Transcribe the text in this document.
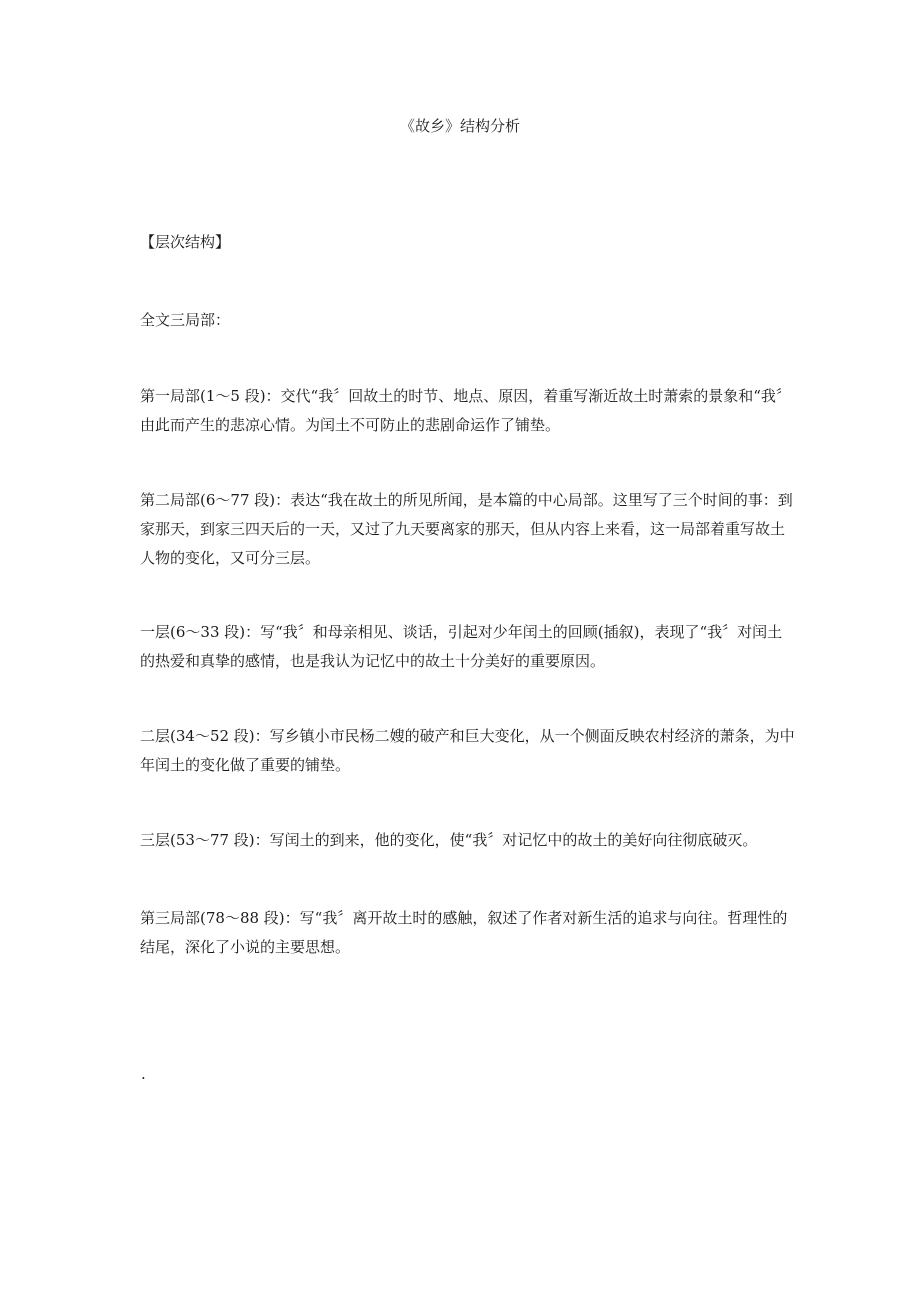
《故乡》结构分析

【层次结构】

全文三局部：

第一局部(1～5 段)：交代“我〞回故土的时节、地点、原因，着重写渐近故土时萧索的景象和“我〞由此而产生的悲凉心情。为闰土不可防止的悲剧命运作了铺垫。

第二局部(6～77 段)：表达“我在故土的所见所闻，是本篇的中心局部。这里写了三个时间的事：到家那天，到家三四天后的一天，又过了九天要离家的那天，但从内容上来看，这一局部着重写故土人物的变化，又可分三层。

一层(6～33 段)：写“我〞和母亲相见、谈话，引起对少年闰土的回顾(插叙)，表现了“我〞对闰土的热爱和真挚的感情，也是我认为记忆中的故土十分美好的重要原因。

二层(34～52 段)：写乡镇小市民杨二嫂的破产和巨大变化，从一个侧面反映农村经济的萧条，为中年闰土的变化做了重要的铺垫。

三层(53～77 段)：写闰土的到来，他的变化，使“我〞对记忆中的故土的美好向往彻底破灭。

第三局部(78～88 段)：写“我〞离开故土时的感触，叙述了作者对新生活的追求与向往。哲理性的结尾，深化了小说的主要思想。

.
